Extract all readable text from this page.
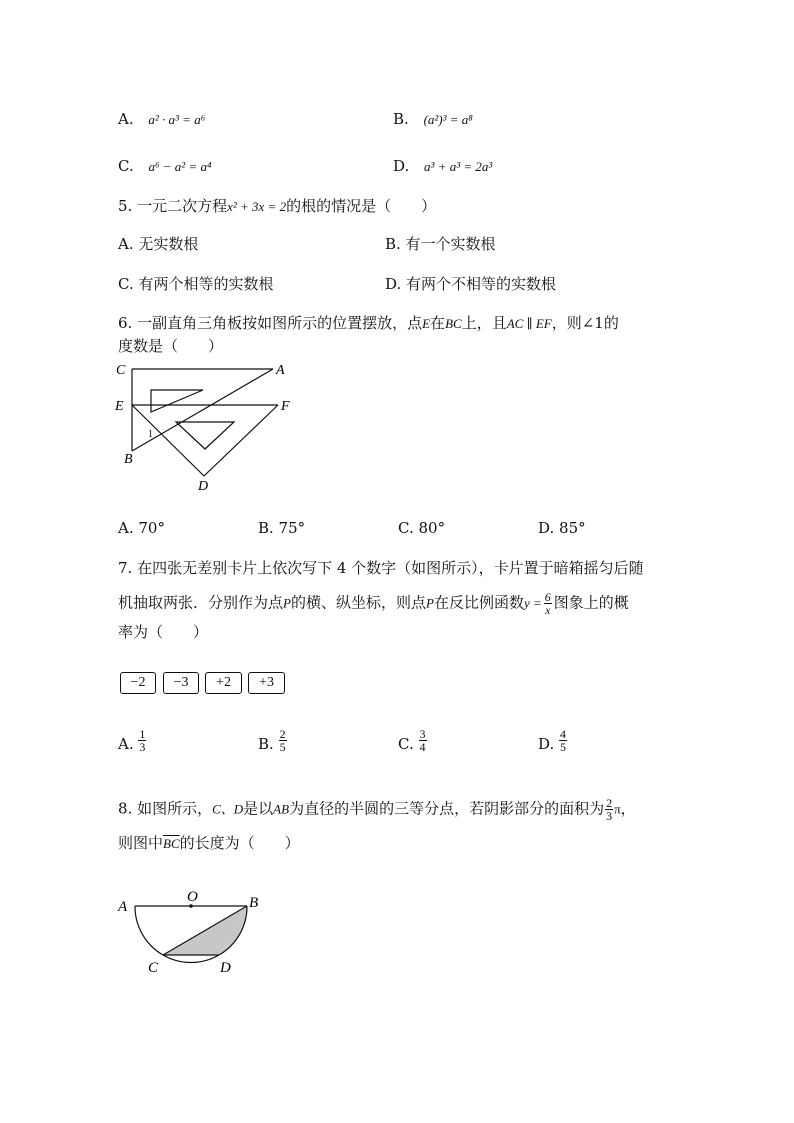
A. a² · a³ = a⁶	B. (a²)³ = a⁸
C. a⁶ − a² = a⁴	D. a³ + a³ = 2a³
5. 一元二次方程x² + 3x = 2的根的情况是（　　）
A. 无实数根	B. 有一个实数根
C. 有两个相等的实数根	D. 有两个不相等的实数根
6. 一副直角三角板按如图所示的位置摆放，点E在BC上，且AC ∥ EF，则∠1的
度数是（　　）
C	A
E	F
B
D
1
A. 70°	B. 75°	C. 80°	D. 85°
7. 在四张无差别卡片上依次写下 4 个数字（如图所示），卡片置于暗箱摇匀后随
机抽取两张．分别作为点P的横、纵坐标，则点P在反比例函数$y = \frac{6}{x}$ 图象上的概
率为（　　）
−2	−3	+2	+3
A. $\frac{1}{3}$	B. $\frac{2}{5}$	C. $\frac{3}{4}$	D. $\frac{4}{5}$
8. 如图所示，C、D是以AB为直径的半圆的三等分点，若阴影部分的面积为 $\frac{2}{3}$ π，
则图中$\overline{BC}$的长度为（　　）
A
O	B
C	D
